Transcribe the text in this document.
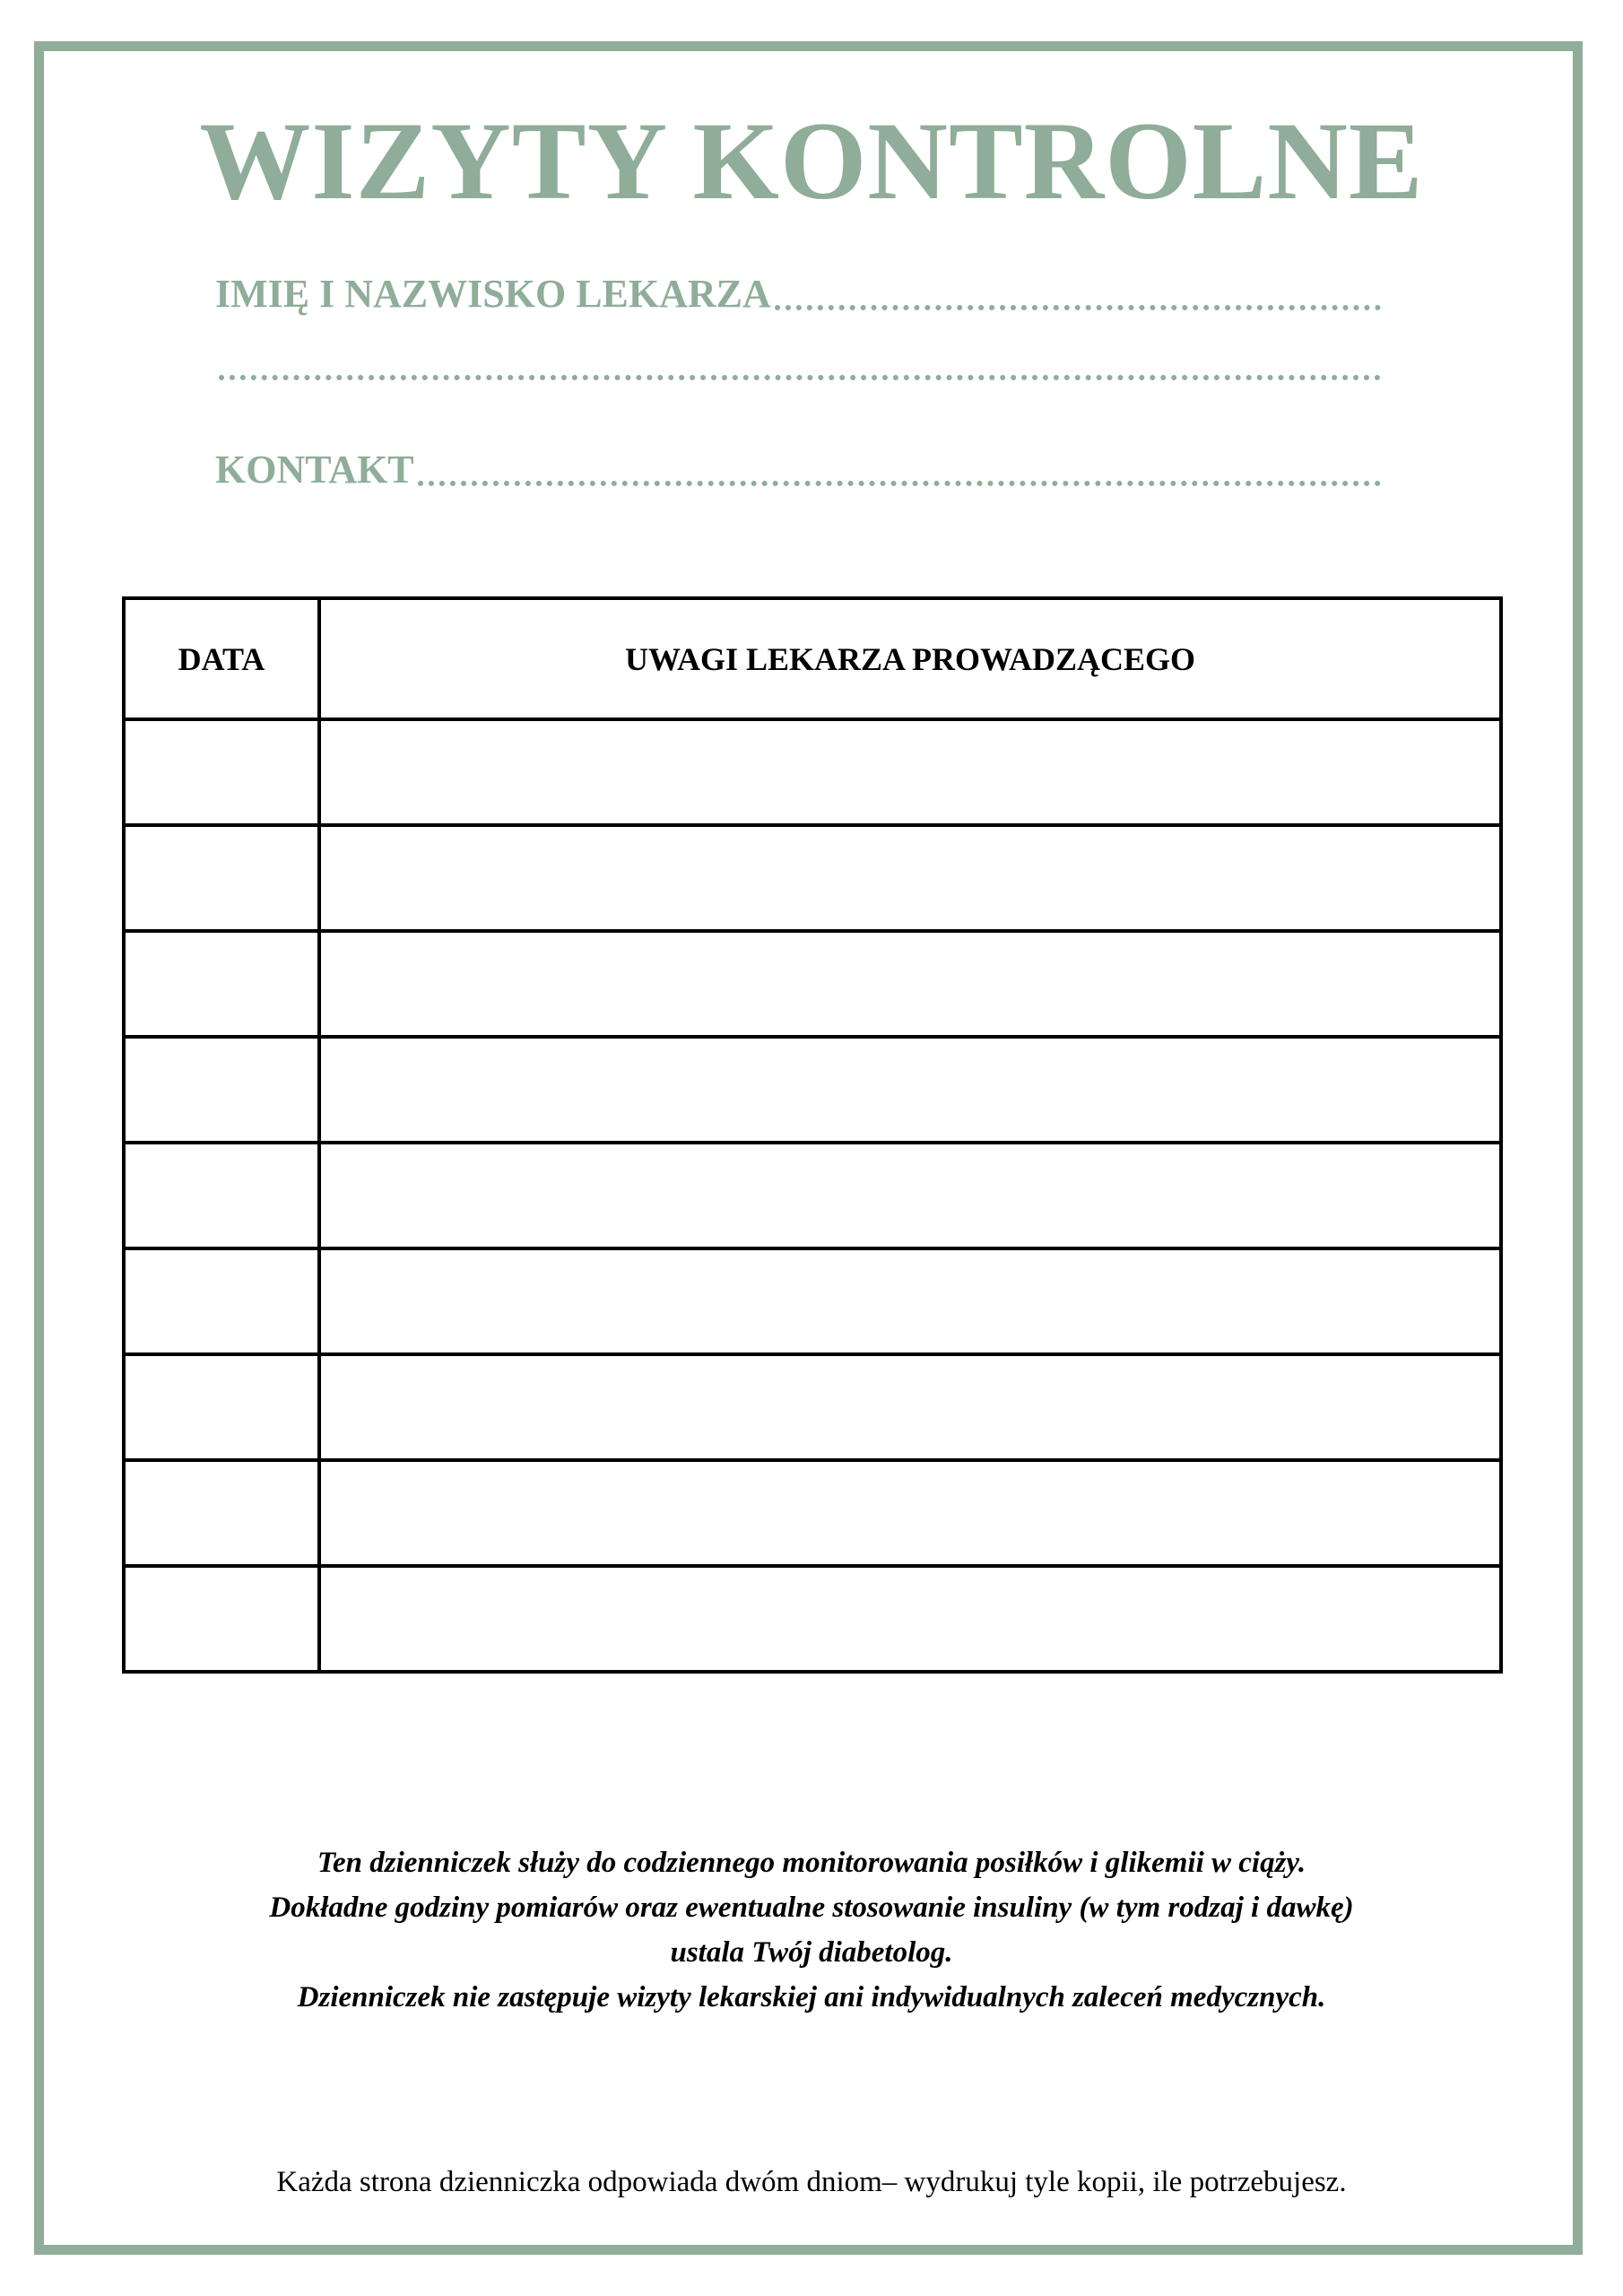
WIZYTY KONTROLNE
IMIĘ I NAZWISKO LEKARZA
KONTAKT
DATA	UWAGI LEKARZA PROWADZĄCEGO

Ten dzienniczek służy do codziennego monitorowania posiłków i glikemii w ciąży.
Dokładne godziny pomiarów oraz ewentualne stosowanie insuliny (w tym rodzaj i dawkę)
ustala Twój diabetolog.
Dzienniczek nie zastępuje wizyty lekarskiej ani indywidualnych zaleceń medycznych.
Każda strona dzienniczka odpowiada dwóm dniom– wydrukuj tyle kopii, ile potrzebujesz.
